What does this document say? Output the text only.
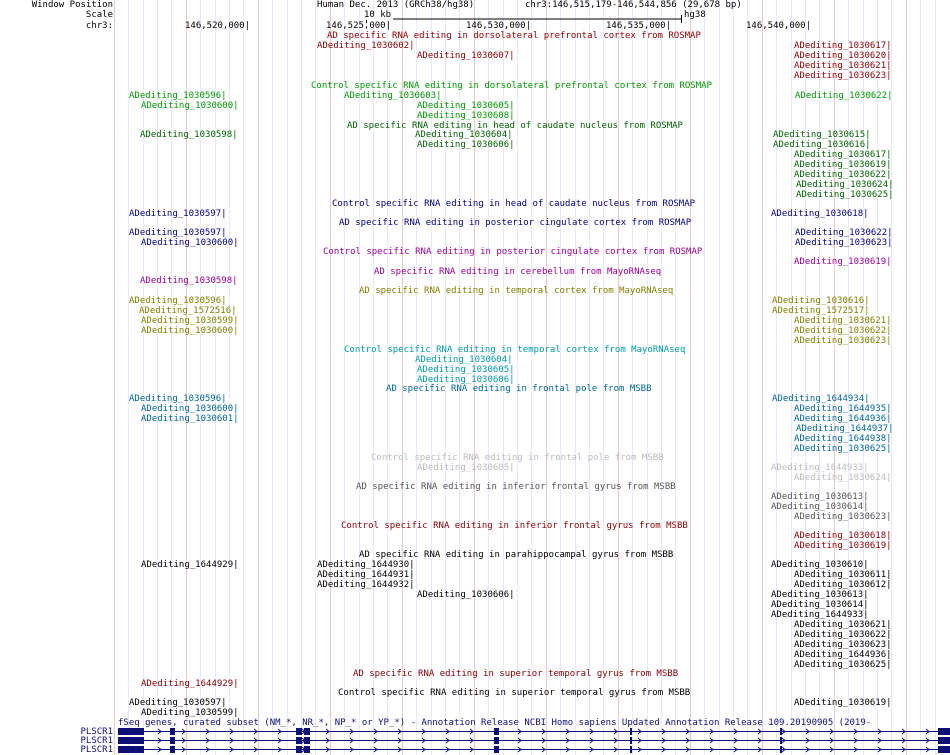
Window Position
Scale
chr3:
Human Dec. 2013 (GRCh38/hg38)	chr3:146,515,179-146,544,856 (29,678 bp)
10 kb	hg38
146,520,000|	146,525,000|	146,530,000|	146,535,000|	146,540,000|
AD specific RNA editing in dorsolateral prefrontal cortex from ROSMAP
ADediting_1030602|
ADediting_1030607|
ADediting_1030617|
ADediting_1030620|
ADediting_1030621|
ADediting_1030623|
Control specific RNA editing in dorsolateral prefrontal cortex from ROSMAP
ADediting_1030596|	ADediting_1030603|	ADediting_1030622|
ADediting_1030600|	ADediting_1030605|
ADediting_1030608|
AD specific RNA editing in head of caudate nucleus from ROSMAP
ADediting_1030598|	ADediting_1030604|	ADediting_1030615|
ADediting_1030606|	ADediting_1030616|
ADediting_1030617|
ADediting_1030619|
ADediting_1030622|
ADediting_1030624|
ADediting_1030625|
Control specific RNA editing in head of caudate nucleus from ROSMAP
ADediting_1030597|	ADediting_1030618|
AD specific RNA editing in posterior cingulate cortex from ROSMAP
ADediting_1030597|	ADediting_1030622|
ADediting_1030600|	ADediting_1030623|
Control specific RNA editing in posterior cingulate cortex from ROSMAP
ADediting_1030619|
AD specific RNA editing in cerebellum from MayoRNAseq
ADediting_1030598|
AD specific RNA editing in temporal cortex from MayoRNAseq
ADediting_1030596|	ADediting_1030616|
ADediting_1572516|	ADediting_1572517|
ADediting_1030599|	ADediting_1030621|
ADediting_1030600|	ADediting_1030622|
ADediting_1030623|
Control specific RNA editing in temporal cortex from MayoRNAseq
ADediting_1030604|
ADediting_1030605|
ADediting_1030606|
AD specific RNA editing in frontal pole from MSBB
ADediting_1030596|	ADediting_1644934|
ADediting_1030600|	ADediting_1644935|
ADediting_1030601|	ADediting_1644936|
ADediting_1644937|
ADediting_1644938|
ADediting_1030625|
Control specific RNA editing in frontal pole from MSBB
ADediting_1030605|	ADediting_1644933|
ADediting_1030624|
AD specific RNA editing in inferior frontal gyrus from MSBB
ADediting_1030613|
ADediting_1030614|
ADediting_1030623|
Control specific RNA editing in inferior frontal gyrus from MSBB
ADediting_1030618|
ADediting_1030619|
AD specific RNA editing in parahippocampal gyrus from MSBB
ADediting_1644929|	ADediting_1644930|	ADediting_1030610|
ADediting_1644931|	ADediting_1030611|
ADediting_1644932|	ADediting_1030612|
ADediting_1030606|	ADediting_1030613|
ADediting_1030614|
ADediting_1644933|
ADediting_1030621|
ADediting_1030622|
ADediting_1030623|
ADediting_1644936|
ADediting_1030625|
AD specific RNA editing in superior temporal gyrus from MSBB
ADediting_1644929|
Control specific RNA editing in superior temporal gyrus from MSBB
ADediting_1030597|	ADediting_1030619|
ADediting_1030599|
fSeq genes, curated subset (NM_*, NR_*, NP_* or YP_*) - Annotation Release NCBI Homo sapiens Updated Annotation Release 109.20190905 (2019-
PLSCR1
PLSCR1
PLSCR1
